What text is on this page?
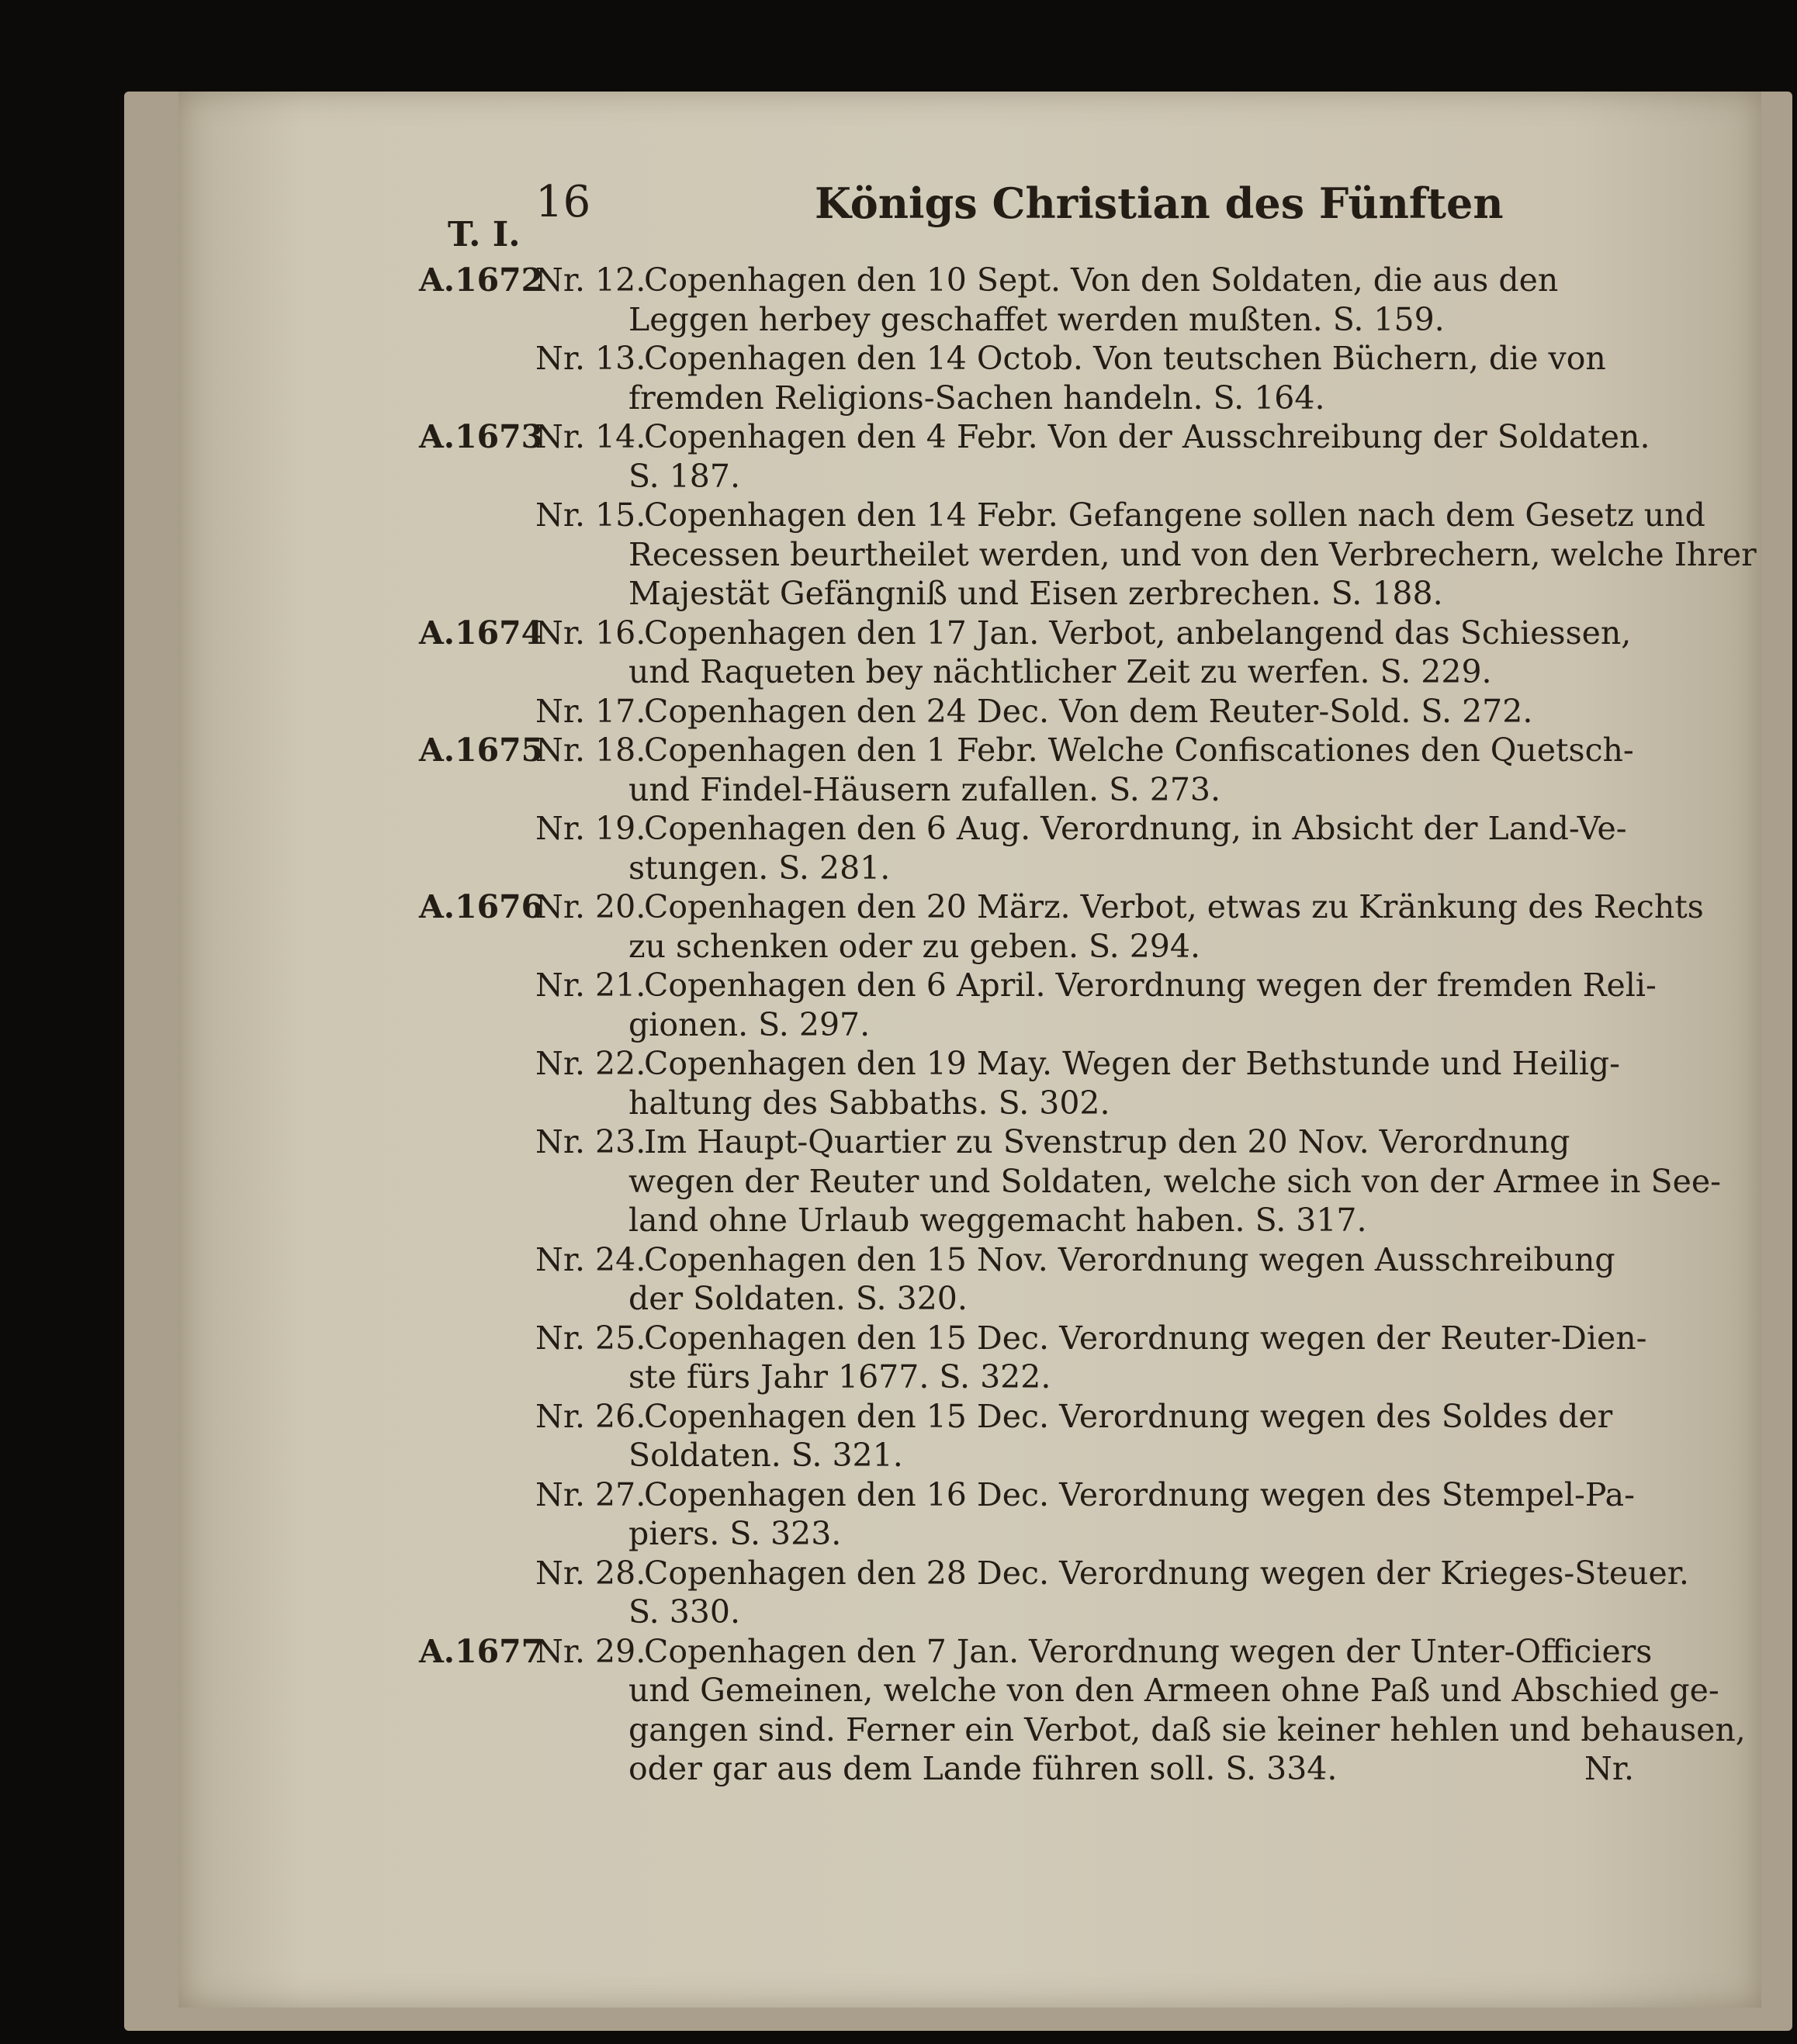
16	Königs Christian des Fünften
T. I.
A.1672
Nr. 12.
Copenhagen den 10 Sept. Von den Soldaten, die aus den
Leggen herbey geschaffet werden mußten. S. 159.
Nr. 13.
Copenhagen den 14 Octob. Von teutschen Büchern, die von
fremden Religions-Sachen handeln. S. 164.
A.1673
Nr. 14.
Copenhagen den 4 Febr. Von der Ausschreibung der Soldaten.
S. 187.
Nr. 15.
Copenhagen den 14 Febr. Gefangene sollen nach dem Gesetz und
Recessen beurtheilet werden, und von den Verbrechern, welche Ihrer
Majestät Gefängniß und Eisen zerbrechen. S. 188.
A.1674
Nr. 16.
Copenhagen den 17 Jan. Verbot, anbelangend das Schiessen,
und Raqueten bey nächtlicher Zeit zu werfen. S. 229.
Nr. 17.
Copenhagen den 24 Dec. Von dem Reuter-Sold. S. 272.
A.1675
Nr. 18.
Copenhagen den 1 Febr. Welche Confiscationes den Quetsch-
und Findel-Häusern zufallen. S. 273.
Nr. 19.
Copenhagen den 6 Aug. Verordnung, in Absicht der Land-Ve-
stungen. S. 281.
A.1676
Nr. 20.
Copenhagen den 20 März. Verbot, etwas zu Kränkung des Rechts
zu schenken oder zu geben. S. 294.
Nr. 21.
Copenhagen den 6 April. Verordnung wegen der fremden Reli-
gionen. S. 297.
Nr. 22.
Copenhagen den 19 May. Wegen der Bethstunde und Heilig-
haltung des Sabbaths. S. 302.
Nr. 23.
Im Haupt-Quartier zu Svenstrup den 20 Nov. Verordnung
wegen der Reuter und Soldaten, welche sich von der Armee in See-
land ohne Urlaub weggemacht haben. S. 317.
Nr. 24.
Copenhagen den 15 Nov. Verordnung wegen Ausschreibung
der Soldaten. S. 320.
Nr. 25.
Copenhagen den 15 Dec. Verordnung wegen der Reuter-Dien-
ste fürs Jahr 1677. S. 322.
Nr. 26.
Copenhagen den 15 Dec. Verordnung wegen des Soldes der
Soldaten. S. 321.
Nr. 27.
Copenhagen den 16 Dec. Verordnung wegen des Stempel-Pa-
piers. S. 323.
Nr. 28.
Copenhagen den 28 Dec. Verordnung wegen der Krieges-Steuer.
S. 330.
A.1677
Nr. 29.
Copenhagen den 7 Jan. Verordnung wegen der Unter-Officiers
und Gemeinen, welche von den Armeen ohne Paß und Abschied ge-
gangen sind. Ferner ein Verbot, daß sie keiner hehlen und behausen,
oder gar aus dem Lande führen soll. S. 334.	Nr.
